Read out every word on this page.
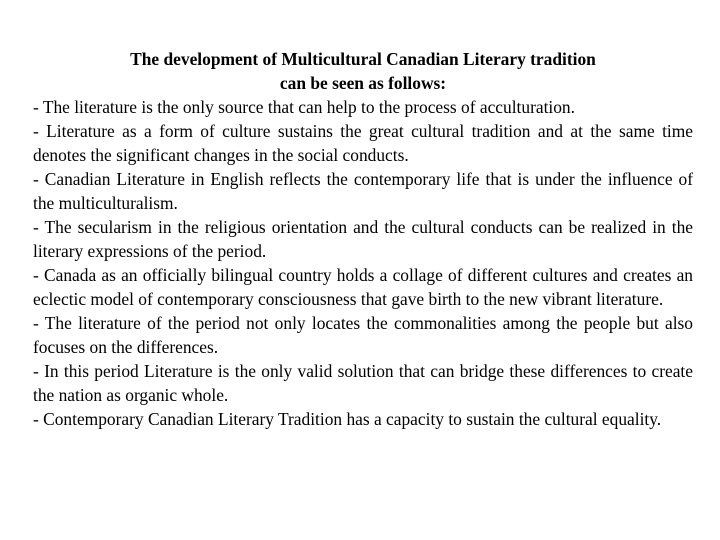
The development of Multicultural Canadian Literary tradition
can be seen as follows:

- The literature is the only source that can help to the process of acculturation.

- Literature as a form of culture sustains the great cultural tradition and at the same time denotes the significant changes in the social conducts.

- Canadian Literature in English reflects the contemporary life that is under the influence of the multiculturalism.

- The secularism in the religious orientation and the cultural conducts can be realized in the literary expressions of the period.

- Canada as an officially bilingual country holds a collage of different cultures and creates an eclectic model of contemporary consciousness that gave birth to the new vibrant literature.

- The literature of the period not only locates the commonalities among the people but also focuses on the differences.

- In this period Literature is the only valid solution that can bridge these differences to create the nation as organic whole.

- Contemporary Canadian Literary Tradition has a capacity to sustain the cultural equality.
